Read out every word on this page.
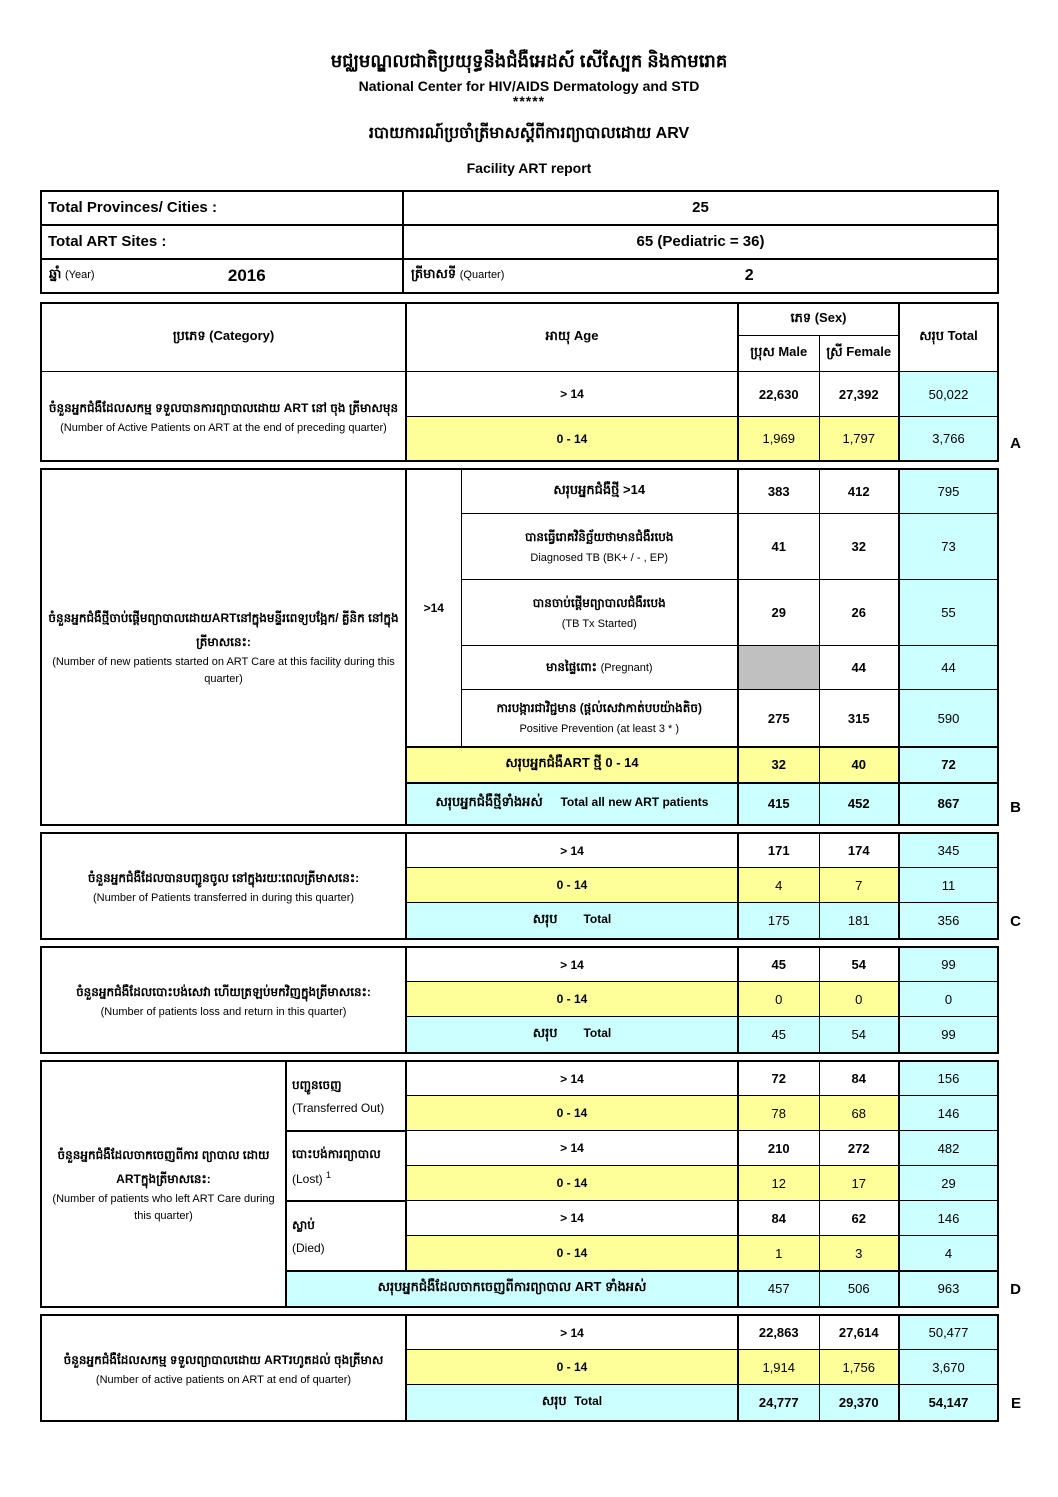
មជ្ឈមណ្ឌលជាតិប្រយុទ្ធនឹងជំងឺអេដស៍ សើស្បែក និងកាមរោគ
National Center for HIV/AIDS Dermatology and STD
*****
របាយការណ៍ប្រចាំត្រីមាសស្តីពីការព្យាបាលដោយ ARV
Facility ART report
Total Provinces/ Cities :	25
Total ART Sites :	65 (Pediatric = 36)

ឆ្នាំ (Year) 2016	ត្រីមាសទី (Quarter) 2
ប្រភេទ (Category)	អាយុ Age	ភេទ (Sex)		សរុប Total
		ប្រុស Male	ស្រី Female	

ចំនួនអ្នកជំងឺដែលសកម្ម ទទួលបានការព្យាបាលដោយ ART នៅ ចុង ត្រីមាសមុន
(Number of Active Patients on ART at the end of preceding quarter)	> 14	22,630	27,392	50,022
	0 - 14	1,969	1,797	3,766	A
ចំនួនអ្នកជំងឺថ្មីចាប់ផ្តើមព្យាបាលដោយARTនៅក្នុងមន្ទីរពេទ្យបង្អែក/ គ្លីនិក នៅក្នុងត្រីមាសនេះ:
(Number of new patients started on ART Care at this facility during this quarter)	>14	សរុបអ្នកជំងឺថ្មី >14	383	412	795

		បានធ្វើរោគវិនិច្ឆ័យថាមានជំងឺរបេង
Diagnosed TB (BK+ / - , EP)	41	32	73

		បានចាប់ផ្តើមព្យាបាលជំងឺរបេង
(TB Tx Started)	29	26	55
		មានផ្ទៃពោះ (Pregnant)		44	44

		ការបង្ការជាវិជ្ជមាន (ផ្តល់សេវាកាត់បបយ៉ាងតិច)
Positive Prevention (at least 3 * )	275	315	590
	សរុបអ្នកជំងឺART ថ្មី 0 - 14		32	40	72
	សរុបអ្នកជំងឺថ្មីទាំងអស់ Total all new ART patients		415	452	867	B
ចំនួនអ្នកជំងឺដែលបានបញ្ជូនចូល នៅក្នុងរយៈពេលត្រីមាសនេះ:
(Number of Patients transferred in during this quarter)	> 14	171	174	345
	0 - 14	4	7	11
	សរុប Total	175	181	356	C
ចំនួនអ្នកជំងឺដែលបោះបង់សេវា ហើយត្រឡប់មកវិញក្នុងត្រីមាសនេះ:
(Number of patients loss and return in this quarter)	> 14	45	54	99
	0 - 14	0	0	0
	សរុប Total	45	54	99
ចំនួនអ្នកជំងឺដែលចាកចេញពីការ ព្យាបាល ដោយ ARTក្នុងត្រីមាសនេះ:
(Number of patients who left ART Care during this quarter)

បញ្ជូនចេញ
(Transferred Out)
	> 14	72	84	156
		0 - 14	78	68	146

	បោះបង់ការព្យាបាល
(Lost) $^1$	> 14	210	272	482
		0 - 14	12	17	29

	ស្លាប់
(Died)	> 14	84	62	146
		0 - 14	1	3	4
	សរុបអ្នកជំងឺដែលចាកចេញពីការព្យាបាល ART ទាំងអស់		457	506	963	D
ចំនួនអ្នកជំងឺដែលសកម្ម ទទួលព្យាបាលដោយ ARTរហូតដល់ ចុងត្រីមាស
(Number of active patients on ART at end of quarter)	> 14	22,863	27,614	50,477
	0 - 14	1,914	1,756	3,670
	សរុប Total	24,777	29,370	54,147	E
